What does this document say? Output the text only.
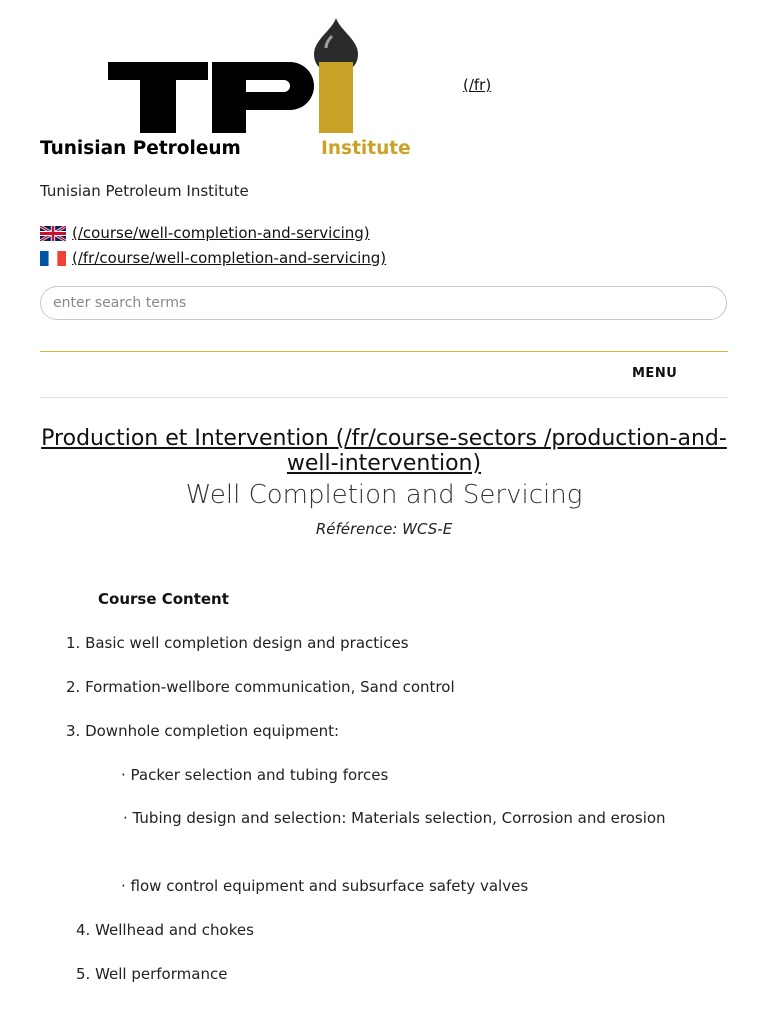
Tunisian Petroleum	Institute
(/fr)
Tunisian Petroleum Institute
(/course/well-completion-and-servicing)
(/fr/course/well-completion-and-servicing)
enter search terms
MENU
Production et Intervention (/fr/course-sectors /production-and-well-intervention)
Well Completion and Servicing
Référence: WCS-E
Course Content
1. Basic well completion design and practices
2. Formation-wellbore communication, Sand control
3. Downhole completion equipment:
· Packer selection and tubing forces
· Tubing design and selection: Materials selection, Corrosion and erosion
· flow control equipment and subsurface safety valves
4. Wellhead and chokes
5. Well performance
